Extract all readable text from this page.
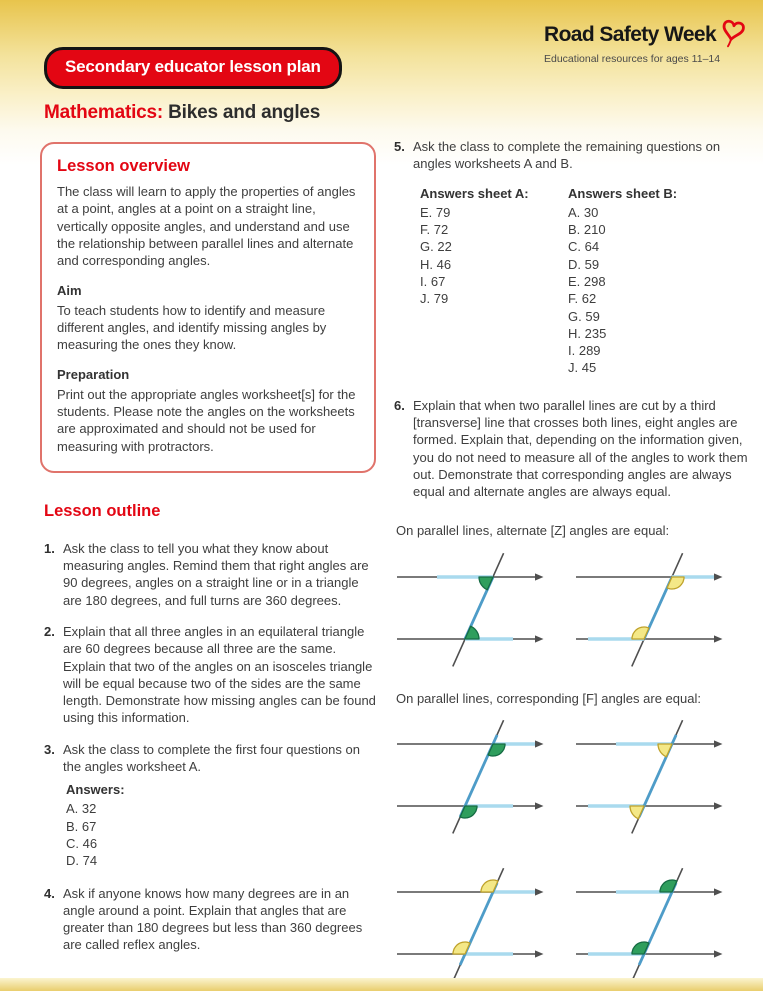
Road Safety Week
Educational resources for ages 11–14
Secondary educator lesson plan
Mathematics: Bikes and angles
Lesson overview

The class will learn to apply the properties of angles at a point, angles at a point on a straight line, vertically opposite angles, and understand and use the relationship between parallel lines and alternate and corresponding angles.

Aim

To teach students how to identify and measure different angles, and identify missing angles by measuring the ones they know.

Preparation

Print out the appropriate angles worksheet[s] for the students. Please note the angles on the worksheets are approximated and should not be used for measuring with protractors.

Lesson outline
1. Ask the class to tell you what they know about measuring angles. Remind them that right angles are 90 degrees, angles on a straight line or in a triangle are 180 degrees, and full turns are 360 degrees.
2. Explain that all three angles in an equilateral triangle are 60 degrees because all three are the same. Explain that two of the angles on an isosceles triangle will be equal because two of the sides are the same length. Demonstrate how missing angles can be found using this information.
3. Ask the class to complete the first four questions on the angles worksheet A.
Answers:
A. 32
B. 67
C. 46
D. 74
4. Ask if anyone knows how many degrees are in an angle around a point. Explain that angles that are greater than 180 degrees but less than 360 degrees are called reflex angles.
5. Ask the class to complete the remaining questions on angles worksheets A and B.
Answers sheet A:
E. 79
F. 72
G. 22
H. 46
I. 67
J. 79
Answers sheet B:
A. 30
B. 210
C. 64
D. 59
E. 298
F. 62
G. 59
H. 235
I. 289
J. 45
6. Explain that when two parallel lines are cut by a third [transverse] line that crosses both lines, eight angles are formed. Explain that, depending on the information given, you do not need to measure all of the angles to work them out. Demonstrate that corresponding angles are always equal and alternate angles are always equal.

On parallel lines, alternate [Z] angles are equal:

On parallel lines, corresponding [F] angles are equal:
